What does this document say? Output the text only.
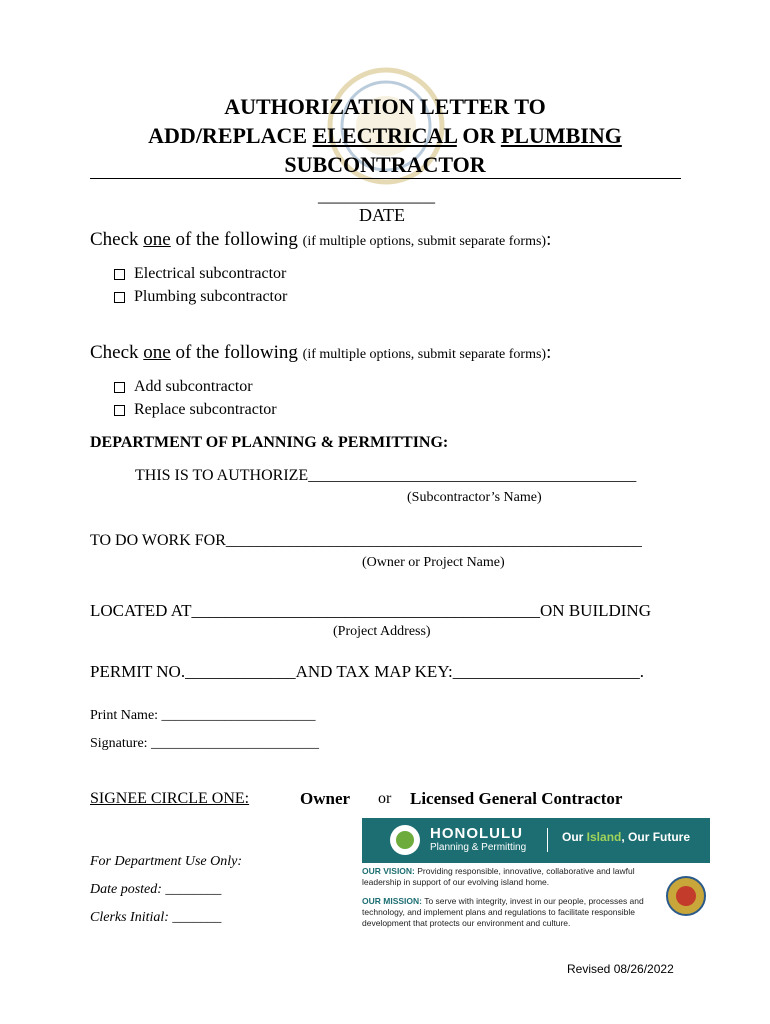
AUTHORIZATION LETTER TO
ADD/REPLACE ELECTRICAL OR PLUMBING
SUBCONTRACTOR
_____________
DATE
Check one of the following (if multiple options, submit separate forms):
Electrical subcontractor
Plumbing subcontractor
Check one of the following (if multiple options, submit separate forms):
Add subcontractor
Replace subcontractor
DEPARTMENT OF PLANNING & PERMITTING:
THIS IS TO AUTHORIZE_________________________________________
(Subcontractor’s Name)
TO DO WORK FOR____________________________________________________
(Owner or Project Name)
LOCATED AT_________________________________________ON BUILDING
(Project Address)
PERMIT NO._____________AND TAX MAP KEY:______________________.
Print Name: ______________________
Signature: ________________________
SIGNEE CIRCLE ONE:	Owner or Licensed General Contractor
For Department Use Only:
Date posted: ________
Clerks Initial: _______
HONOLULU
Planning & Permitting
Our Island, Our Future
OUR VISION: Providing responsible, innovative, collaborative and lawful leadership in support of our evolving island home.
OUR MISSION: To serve with integrity, invest in our people, processes and technology, and implement plans and regulations to facilitate responsible development that protects our environment and culture.
Revised 08/26/2022
